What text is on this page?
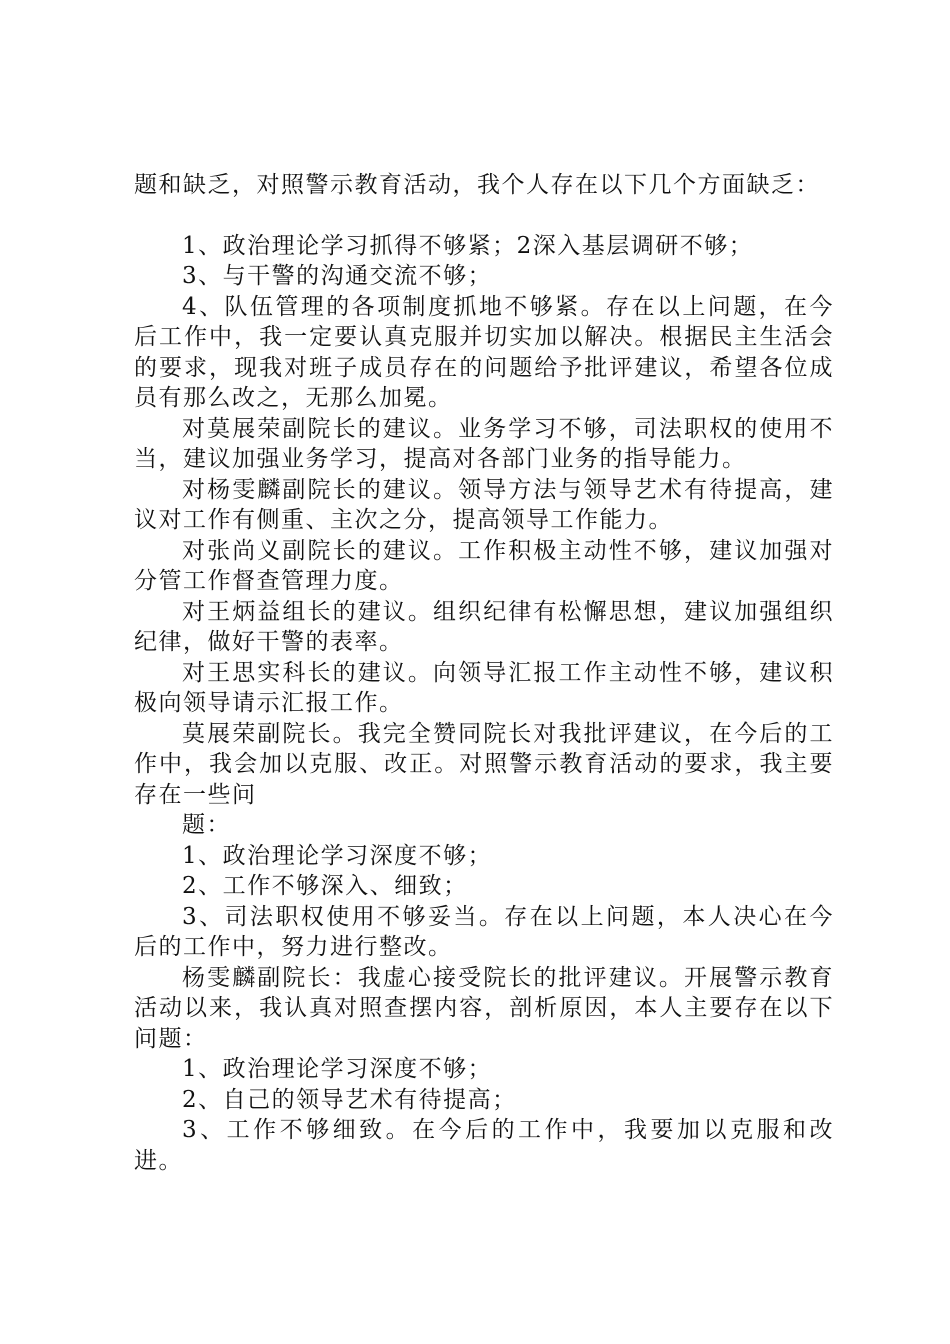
题和缺乏，对照警示教育活动，我个人存在以下几个方面缺乏：

1、政治理论学习抓得不够紧；2深入基层调研不够；

3、与干警的沟通交流不够；

4、队伍管理的各项制度抓地不够紧。存在以上问题，在今后工作中，我一定要认真克服并切实加以解决。根据民主生活会的要求，现我对班子成员存在的问题给予批评建议，希望各位成员有那么改之，无那么加冕。

对莫展荣副院长的建议。业务学习不够，司法职权的使用不当，建议加强业务学习，提高对各部门业务的指导能力。

对杨雯麟副院长的建议。领导方法与领导艺术有待提高，建议对工作有侧重、主次之分，提高领导工作能力。

对张尚义副院长的建议。工作积极主动性不够，建议加强对分管工作督查管理力度。

对王炳益组长的建议。组织纪律有松懈思想，建议加强组织纪律，做好干警的表率。

对王思实科长的建议。向领导汇报工作主动性不够，建议积极向领导请示汇报工作。

莫展荣副院长。我完全赞同院长对我批评建议，在今后的工作中，我会加以克服、改正。对照警示教育活动的要求，我主要存在一些问

题：

1、政治理论学习深度不够；

2、工作不够深入、细致；

3、司法职权使用不够妥当。存在以上问题，本人决心在今后的工作中，努力进行整改。

杨雯麟副院长：我虚心接受院长的批评建议。开展警示教育活动以来，我认真对照查摆内容，剖析原因，本人主要存在以下问题：

1、政治理论学习深度不够；

2、自己的领导艺术有待提高；

3、工作不够细致。在今后的工作中，我要加以克服和改进。
